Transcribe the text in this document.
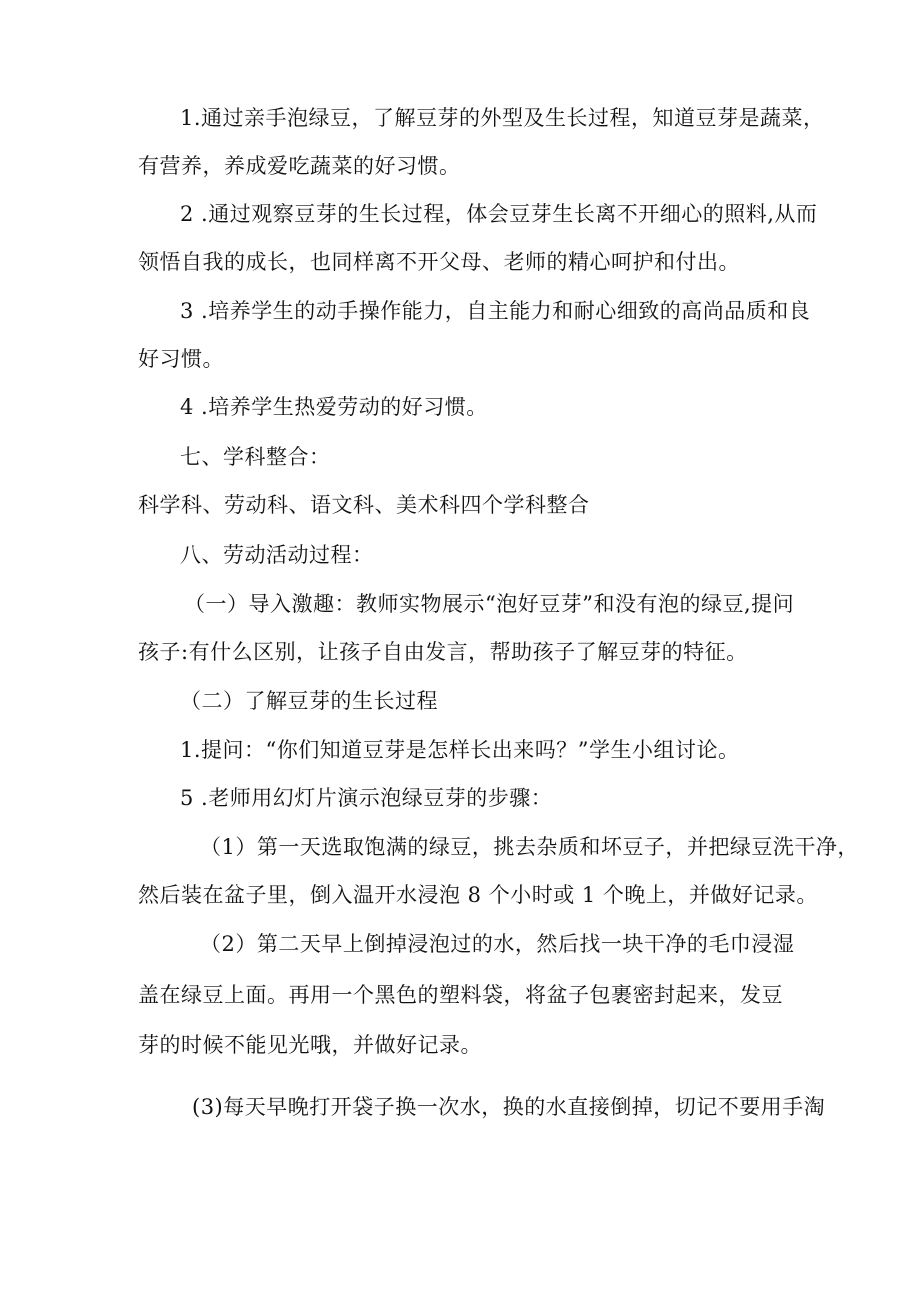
1.通过亲手泡绿豆，了解豆芽的外型及生长过程，知道豆芽是蔬菜，
有营养，养成爱吃蔬菜的好习惯。
2 .通过观察豆芽的生长过程，体会豆芽生长离不开细心的照料,从而
领悟自我的成长，也同样离不开父母、老师的精心呵护和付出。
3 .培养学生的动手操作能力，自主能力和耐心细致的高尚品质和良
好习惯。
4 .培养学生热爱劳动的好习惯。
七、学科整合：
科学科、劳动科、语文科、美术科四个学科整合
八、劳动活动过程：
（一）导入激趣：教师实物展示“泡好豆芽”和没有泡的绿豆,提问
孩子:有什么区别，让孩子自由发言，帮助孩子了解豆芽的特征。
（二）了解豆芽的生长过程
1.提问：“你们知道豆芽是怎样长出来吗？”学生小组讨论。
5 .老师用幻灯片演示泡绿豆芽的步骤：
（1）第一天选取饱满的绿豆，挑去杂质和坏豆子，并把绿豆洗干净，
然后装在盆子里，倒入温开水浸泡 8 个小时或 1 个晚上，并做好记录。
（2）第二天早上倒掉浸泡过的水，然后找一块干净的毛巾浸湿
盖在绿豆上面。再用一个黑色的塑料袋，将盆子包裹密封起来，发豆
芽的时候不能见光哦，并做好记录。
(3)每天早晚打开袋子换一次水，换的水直接倒掉，切记不要用手淘
